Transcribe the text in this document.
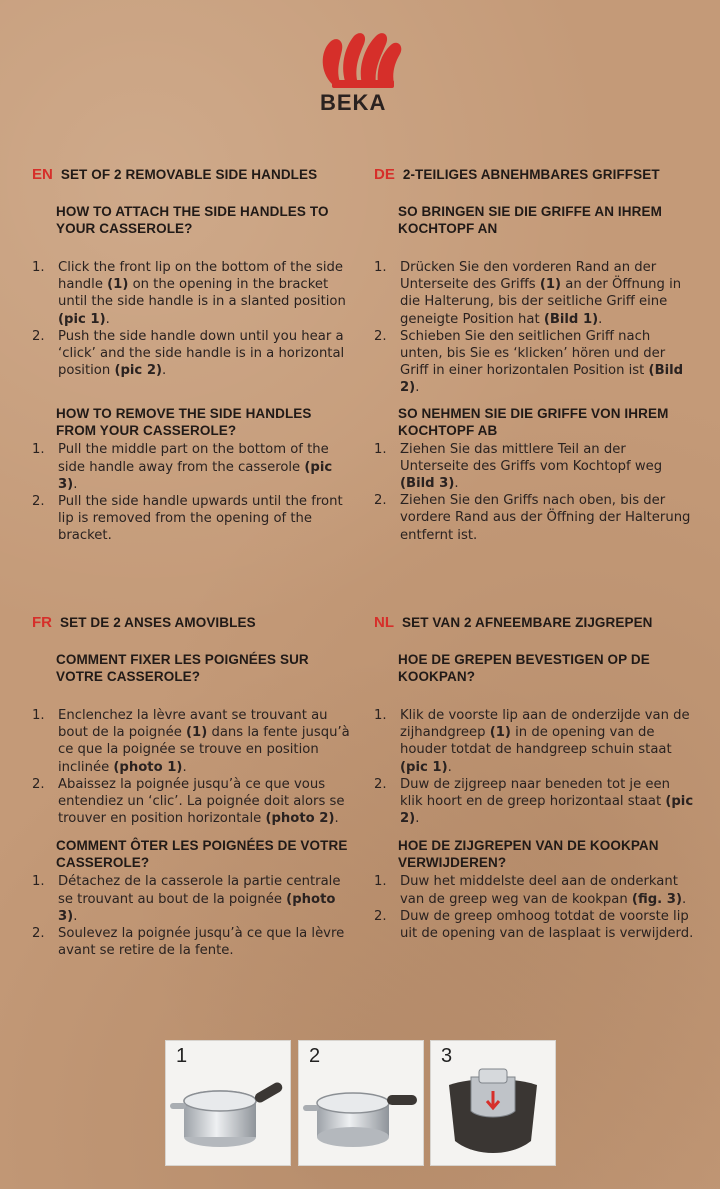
BEKA
EN SET OF 2 REMOVABLE SIDE HANDLES
HOW TO ATTACH THE SIDE HANDLES TO YOUR CASSEROLE?
1. Click the front lip on the bottom of the side handle (1) on the opening in the bracket until the side handle is in a slanted position (pic 1).
2. Push the side handle down until you hear a ‘click’ and the side handle is in a horizontal position (pic 2).
HOW TO REMOVE THE SIDE HANDLES FROM YOUR CASSEROLE?
1. Pull the middle part on the bottom of the side handle away from the casserole (pic 3).
2. Pull the side handle upwards until the front lip is removed from the opening of the bracket.
DE 2-TEILIGES ABNEHMBARES GRIFFSET
SO BRINGEN SIE DIE GRIFFE AN IHREM KOCHTOPF AN
1. Drücken Sie den vorderen Rand an der Unterseite des Griffs (1) an der Öffnung in die Halterung, bis der seitliche Griff eine geneigte Position hat (Bild 1).
2. Schieben Sie den seitlichen Griff nach unten, bis Sie es ‘klicken’ hören und der Griff in einer horizontalen Position ist (Bild 2).
SO NEHMEN SIE DIE GRIFFE VON IHREM KOCHTOPF AB
1. Ziehen Sie das mittlere Teil an der Unterseite des Griffs vom Kochtopf weg (Bild 3).
2. Ziehen Sie den Griffs nach oben, bis der vordere Rand aus der Öffning der Halterung entfernt ist.
FR SET DE 2 ANSES AMOVIBLES
COMMENT FIXER LES POIGNÉES SUR VOTRE CASSEROLE?
1. Enclenchez la lèvre avant se trouvant au bout de la poignée (1) dans la fente jusqu’à ce que la poignée se trouve en position inclinée (photo 1).
2. Abaissez la poignée jusqu’à ce que vous entendiez un ‘clic’. La poignée doit alors se trouver en position horizontale (photo 2).
COMMENT ÔTER LES POIGNÉES DE VOTRE CASSEROLE?
1. Détachez de la casserole la partie centrale se trouvant au bout de la poignée (photo 3).
2. Soulevez la poignée jusqu’à ce que la lèvre avant se retire de la fente.
NL SET VAN 2 AFNEEMBARE ZIJGREPEN
HOE DE GREPEN BEVESTIGEN OP DE KOOKPAN?
1. Klik de voorste lip aan de onderzijde van de zijhandgreep (1) in de opening van de houder totdat de handgreep schuin staat (pic 1).
2. Duw de zijgreep naar beneden tot je een klik hoort en de greep horizontaal staat (pic 2).
HOE DE ZIJGREPEN VAN DE KOOKPAN VERWIJDEREN?
1. Duw het middelste deel aan de onderkant van de greep weg van de kookpan (fig. 3).
2. Duw de greep omhoog totdat de voorste lip uit de opening van de lasplaat is verwijderd.
1	2	3
